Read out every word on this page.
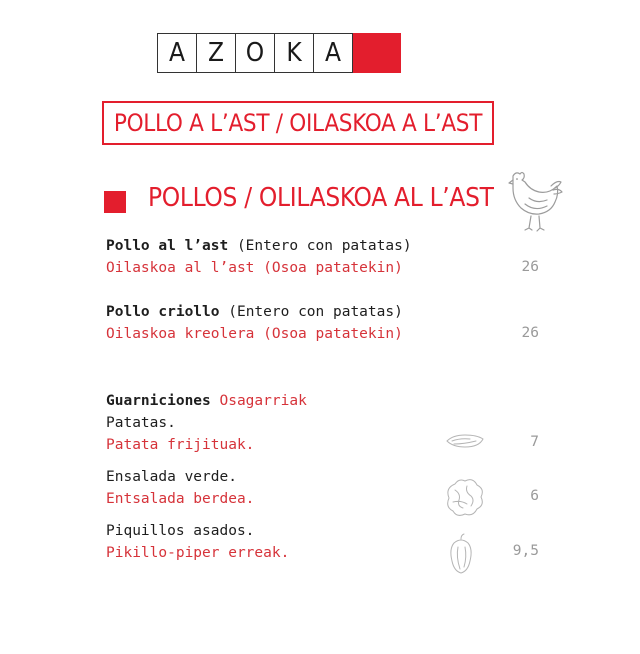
A Z O K A
POLLO A L’AST / OILASKOA A L’AST
POLLOS / OLILASKOA AL L’AST
Pollo al l’ast (Entero con patatas)
Oilaskoa al l’ast (Osoa patatekin)	26
Pollo criollo (Entero con patatas)
Oilaskoa kreolera (Osoa patatekin)	26
Guarniciones Osagarriak
Patatas.
Patata frijituak.	7
Ensalada verde.
Entsalada berdea.	6
Piquillos asados.
Pikillo-piper erreak.	9,5
